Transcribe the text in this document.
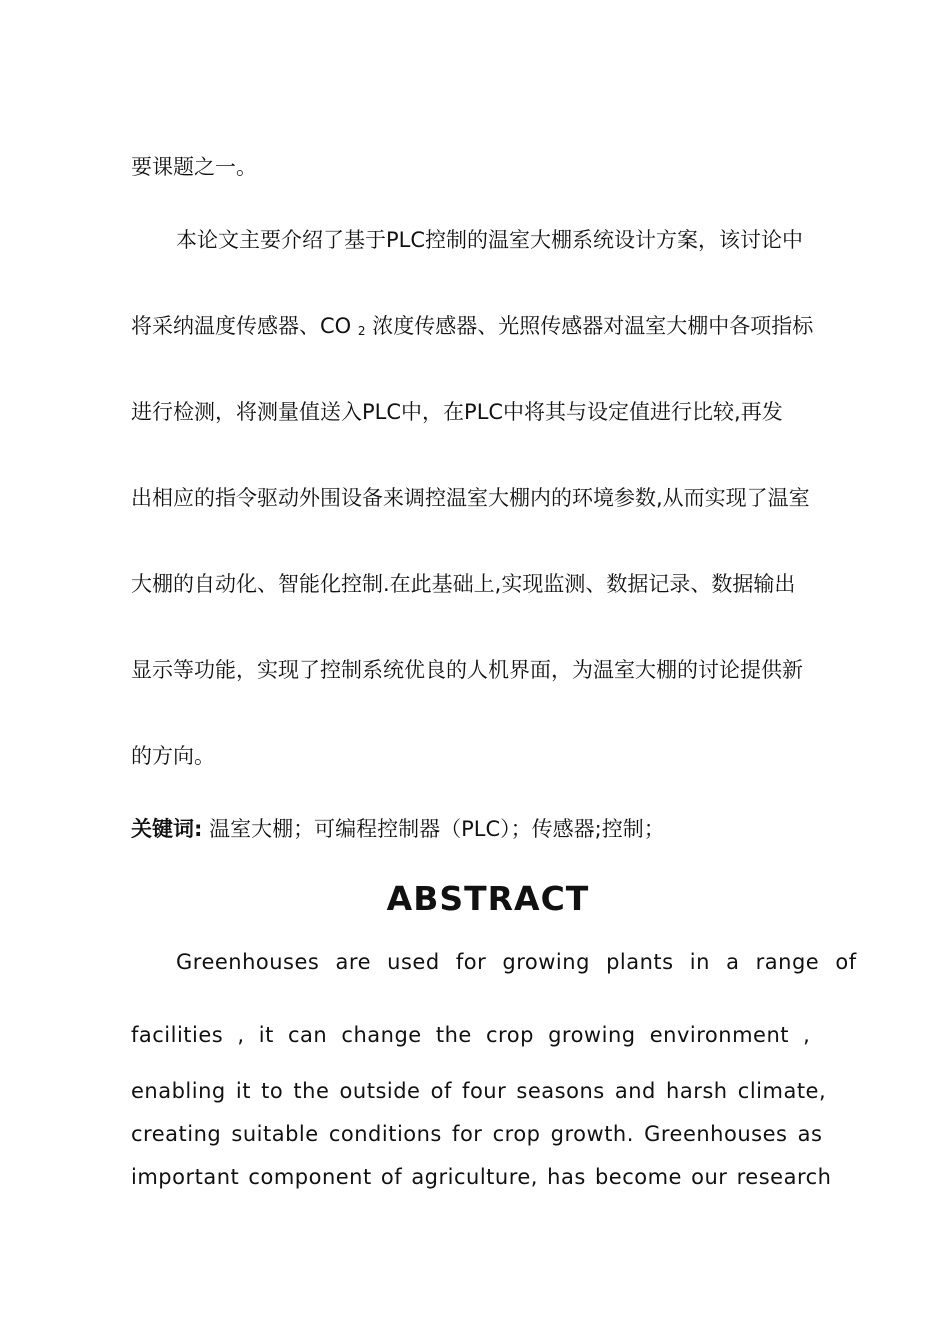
要课题之一。
本论文主要介绍了基于PLC控制的温室大棚系统设计方案，该讨论中
将采纳温度传感器、CO $_2$ 浓度传感器、光照传感器对温室大棚中各项指标
进行检测，将测量值送入PLC中，在PLC中将其与设定值进行比较,再发
出相应的指令驱动外围设备来调控温室大棚内的环境参数,从而实现了温室
大棚的自动化、智能化控制.在此基础上,实现监测、数据记录、数据输出
显示等功能，实现了控制系统优良的人机界面，为温室大棚的讨论提供新
的方向。
关键词: 温室大棚；可编程控制器（PLC）；传感器;控制；
ABSTRACT
Greenhouses are used for growing plants in a range of
facilities , it can change the crop growing environment ,
enabling it to the outside of four seasons and harsh climate,
creating suitable conditions for crop growth. Greenhouses as
important component of agriculture, has become our research
